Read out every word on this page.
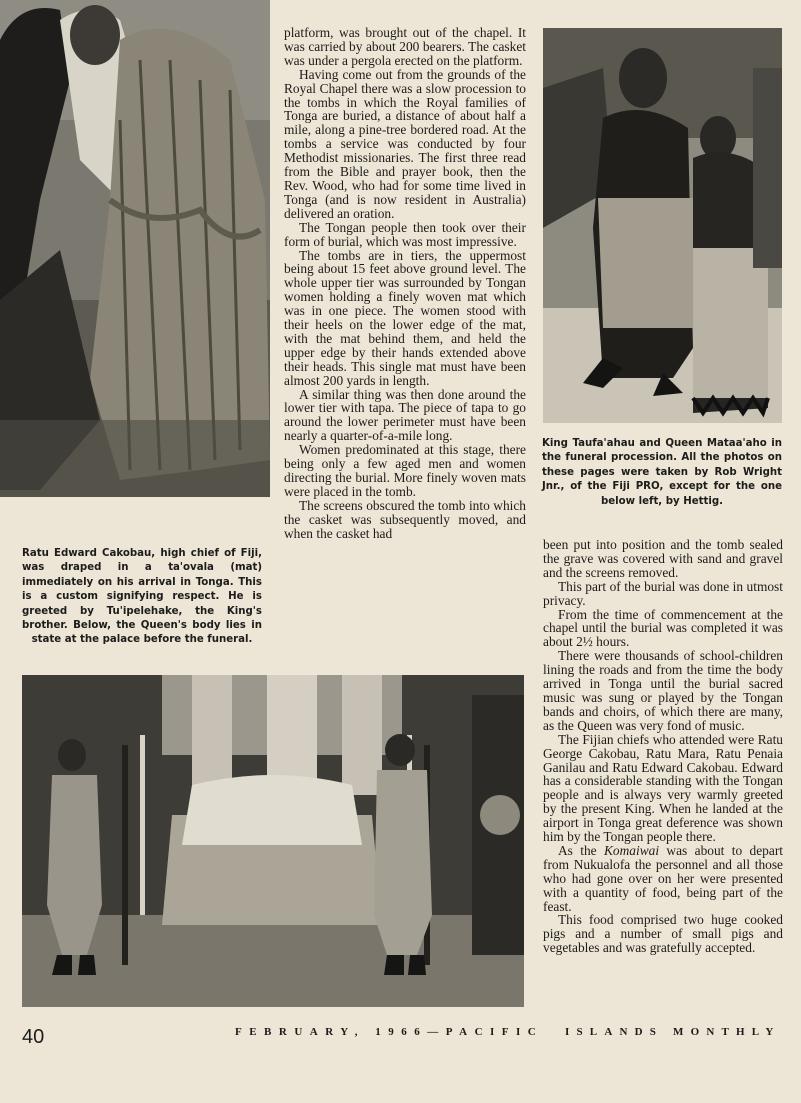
platform, was brought out of the chapel. It was carried by about 200 bearers. The casket was under a pergola erected on the platform.

Having come out from the grounds of the Royal Chapel there was a slow procession to the tombs in which the Royal families of Tonga are buried, a distance of about half a mile, along a pine-tree bordered road. At the tombs a service was conducted by four Methodist missionaries. The first three read from the Bible and prayer book, then the Rev. Wood, who had for some time lived in Tonga (and is now resident in Australia) delivered an oration.

The Tongan people then took over their form of burial, which was most impressive.

The tombs are in tiers, the uppermost being about 15 feet above ground level. The whole upper tier was surrounded by Tongan women holding a finely woven mat which was in one piece. The women stood with their heels on the lower edge of the mat, with the mat behind them, and held the upper edge by their hands extended above their heads. This single mat must have been almost 200 yards in length.

A similar thing was then done around the lower tier with tapa. The piece of tapa to go around the lower perimeter must have been nearly a quarter-of-a-mile long.

Women predominated at this stage, there being only a few aged men and women directing the burial. More finely woven mats were placed in the tomb.

The screens obscured the tomb into which the casket was subsequently moved, and when the casket had

been put into position and the tomb sealed the grave was covered with sand and gravel and the screens removed.

This part of the burial was done in utmost privacy.

From the time of commencement at the chapel until the burial was completed it was about 2½ hours.

There were thousands of school-children lining the roads and from the time the body arrived in Tonga until the burial sacred music was sung or played by the Tongan bands and choirs, of which there are many, as the Queen was very fond of music.

The Fijian chiefs who attended were Ratu George Cakobau, Ratu Mara, Ratu Penaia Ganilau and Ratu Edward Cakobau. Edward has a considerable standing with the Tongan people and is always very warmly greeted by the present King. When he landed at the airport in Tonga great deference was shown him by the Tongan people there.

As the Komaiwai was about to depart from Nukualofa the personnel and all those who had gone over on her were presented with a quantity of food, being part of the feast.

This food comprised two huge cooked pigs and a number of small pigs and vegetables and was gratefully accepted.

Ratu Edward Cakobau, high chief of Fiji, was draped in a ta'ovala (mat) immediately on his arrival in Tonga. This is a custom signifying respect. He is greeted by Tu'ipelehake, the King's brother. Below, the Queen's body lies in state at the palace before the funeral.
King Taufa'ahau and Queen Mataa'aho in the funeral procession. All the photos on these pages were taken by Rob Wright Jnr., of the Fiji PRO, except for the one below left, by Hettig.
40	FEBRUARY, 1966—PACIFIC ISLANDS MONTHLY
